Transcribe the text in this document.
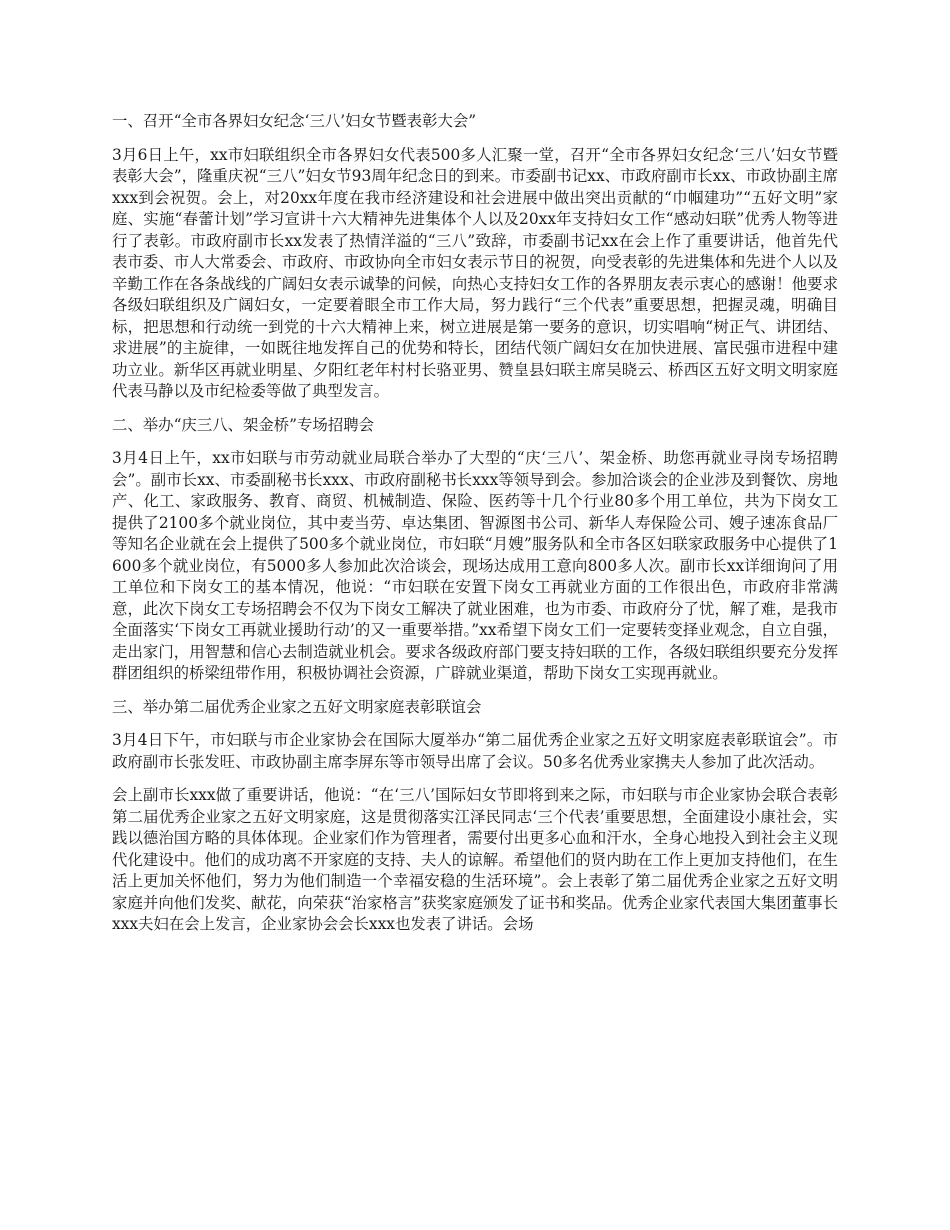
一、召开“全市各界妇女纪念‘三八’妇女节暨表彰大会”

3月6日上午，xx市妇联组织全市各界妇女代表500多人汇聚一堂，召开“全市各界妇女纪念‘三八’妇女节暨表彰大会”，隆重庆祝“三八”妇女节93周年纪念日的到来。市委副书记xx、市政府副市长xx、市政协副主席xxx到会祝贺。会上，对20xx年度在我市经济建设和社会进展中做出突出贡献的“巾帼建功”“五好文明”家庭、实施“春蕾计划”学习宣讲十六大精神先进集体个人以及20xx年支持妇女工作“感动妇联”优秀人物等进行了表彰。市政府副市长xx发表了热情洋溢的“三八”致辞，市委副书记xx在会上作了重要讲话，他首先代表市委、市人大常委会、市政府、市政协向全市妇女表示节日的祝贺，向受表彰的先进集体和先进个人以及辛勤工作在各条战线的广阔妇女表示诚挚的问候，向热心支持妇女工作的各界朋友表示衷心的感谢！他要求各级妇联组织及广阔妇女，一定要着眼全市工作大局，努力践行“三个代表”重要思想，把握灵魂，明确目标，把思想和行动统一到党的十六大精神上来，树立进展是第一要务的意识，切实唱响“树正气、讲团结、求进展”的主旋律，一如既往地发挥自己的优势和特长，团结代领广阔妇女在加快进展、富民强市进程中建功立业。新华区再就业明星、夕阳红老年村村长骆亚男、赞皇县妇联主席吴晓云、桥西区五好文明文明家庭代表马静以及市纪检委等做了典型发言。

二、举办“庆三八、架金桥”专场招聘会

3月4日上午，xx市妇联与市劳动就业局联合举办了大型的“庆‘三八’、架金桥、助您再就业寻岗专场招聘会”。副市长xx、市委副秘书长xxx、市政府副秘书长xxx等领导到会。参加洽谈会的企业涉及到餐饮、房地产、化工、家政服务、教育、商贸、机械制造、保险、医药等十几个行业80多个用工单位，共为下岗女工提供了2100多个就业岗位，其中麦当劳、卓达集团、智源图书公司、新华人寿保险公司、嫂子速冻食品厂等知名企业就在会上提供了500多个就业岗位，市妇联“月嫂”服务队和全市各区妇联家政服务中心提供了1600多个就业岗位，有5000多人参加此次洽谈会，现场达成用工意向800多人次。副市长xx详细询问了用工单位和下岗女工的基本情况，他说：“市妇联在安置下岗女工再就业方面的工作很出色，市政府非常满意，此次下岗女工专场招聘会不仅为下岗女工解决了就业困难，也为市委、市政府分了忧，解了难，是我市全面落实‘下岗女工再就业援助行动’的又一重要举措。”xx希望下岗女工们一定要转变择业观念，自立自强，走出家门，用智慧和信心去制造就业机会。要求各级政府部门要支持妇联的工作，各级妇联组织要充分发挥群团组织的桥梁纽带作用，积极协调社会资源，广辟就业渠道，帮助下岗女工实现再就业。

三、举办第二届优秀企业家之五好文明家庭表彰联谊会

3月4日下午，市妇联与市企业家协会在国际大厦举办“第二届优秀企业家之五好文明家庭表彰联谊会”。市政府副市长张发旺、市政协副主席李屏东等市领导出席了会议。50多名优秀业家携夫人参加了此次活动。

会上副市长xxx做了重要讲话，他说：“在‘三八’国际妇女节即将到来之际，市妇联与市企业家协会联合表彰第二届优秀企业家之五好文明家庭，这是贯彻落实江泽民同志‘三个代表’重要思想，全面建设小康社会，实践以德治国方略的具体体现。企业家们作为管理者，需要付出更多心血和汗水，全身心地投入到社会主义现代化建设中。他们的成功离不开家庭的支持、夫人的谅解。希望他们的贤内助在工作上更加支持他们，在生活上更加关怀他们，努力为他们制造一个幸福安稳的生活环境”。会上表彰了第二届优秀企业家之五好文明家庭并向他们发奖、献花，向荣获“治家格言”获奖家庭颁发了证书和奖品。优秀企业家代表国大集团董事长xxx夫妇在会上发言，企业家协会会长xxx也发表了讲话。会场
